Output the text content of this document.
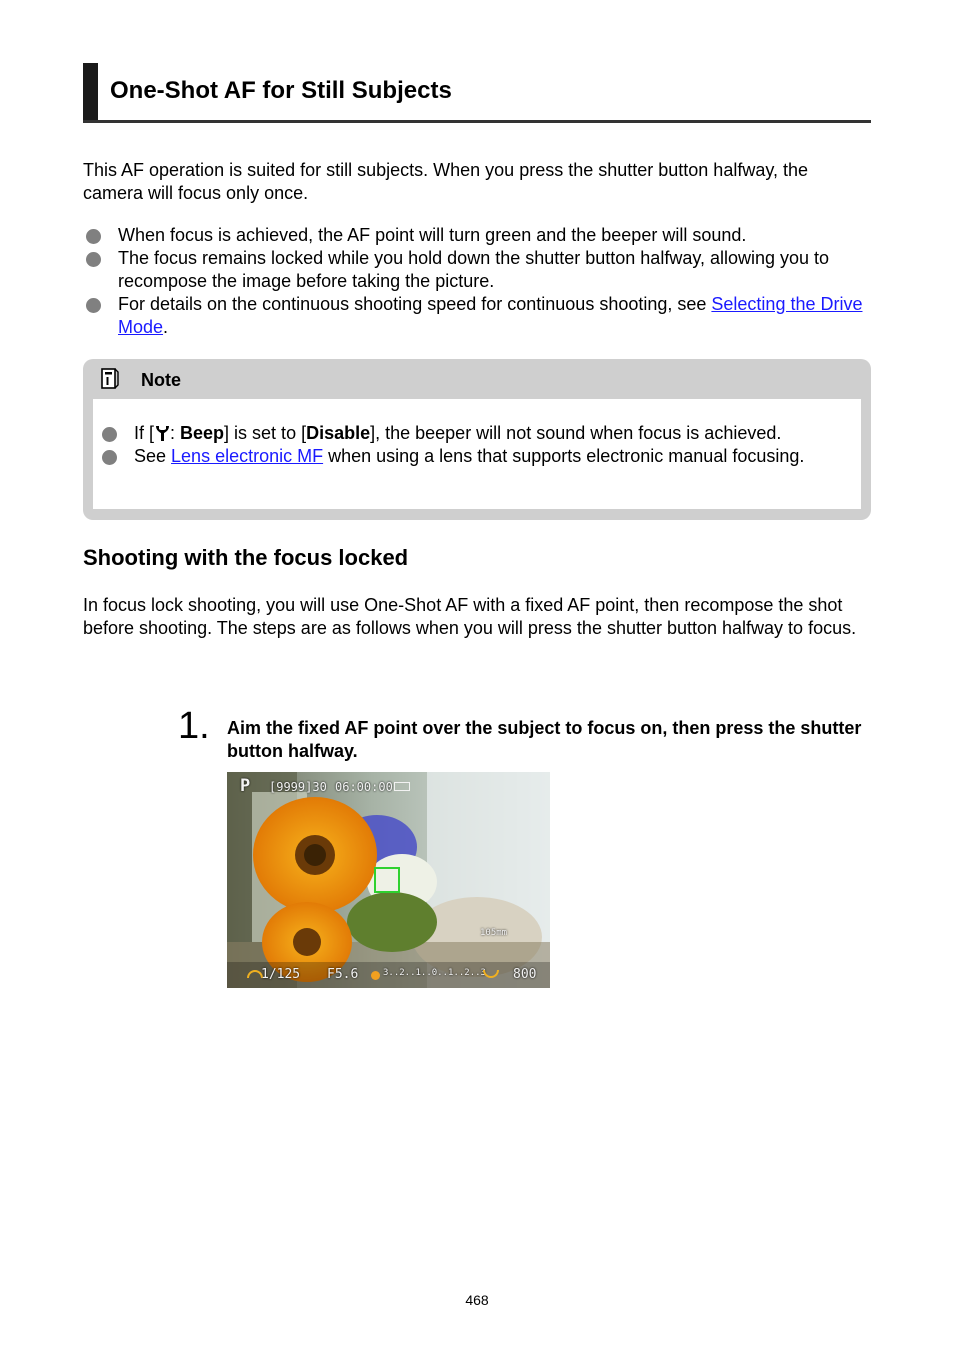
One-Shot AF for Still Subjects

This AF operation is suited for still subjects. When you press the shutter button halfway, the camera will focus only once.

When focus is achieved, the AF point will turn green and the beeper will sound.
The focus remains locked while you hold down the shutter button halfway, allowing you to recompose the image before taking the picture.
For details on the continuous shooting speed for continuous shooting, see Selecting the Drive Mode.
Note
If [ : Beep] is set to [Disable], the beeper will not sound when focus is achieved.
See Lens electronic MF when using a lens that supports electronic manual focusing.
Shooting with the focus locked

In focus lock shooting, you will use One-Shot AF with a fixed AF point, then recompose the shot before shooting. The steps are as follows when you will press the shutter button halfway to focus.

1. Aim the fixed AF point over the subject to focus on, then press the shutter button halfway.
P [9999]30 06:00:00
105mm
1/125 F5.6	3..2..1..0..1..2..3 800
468
